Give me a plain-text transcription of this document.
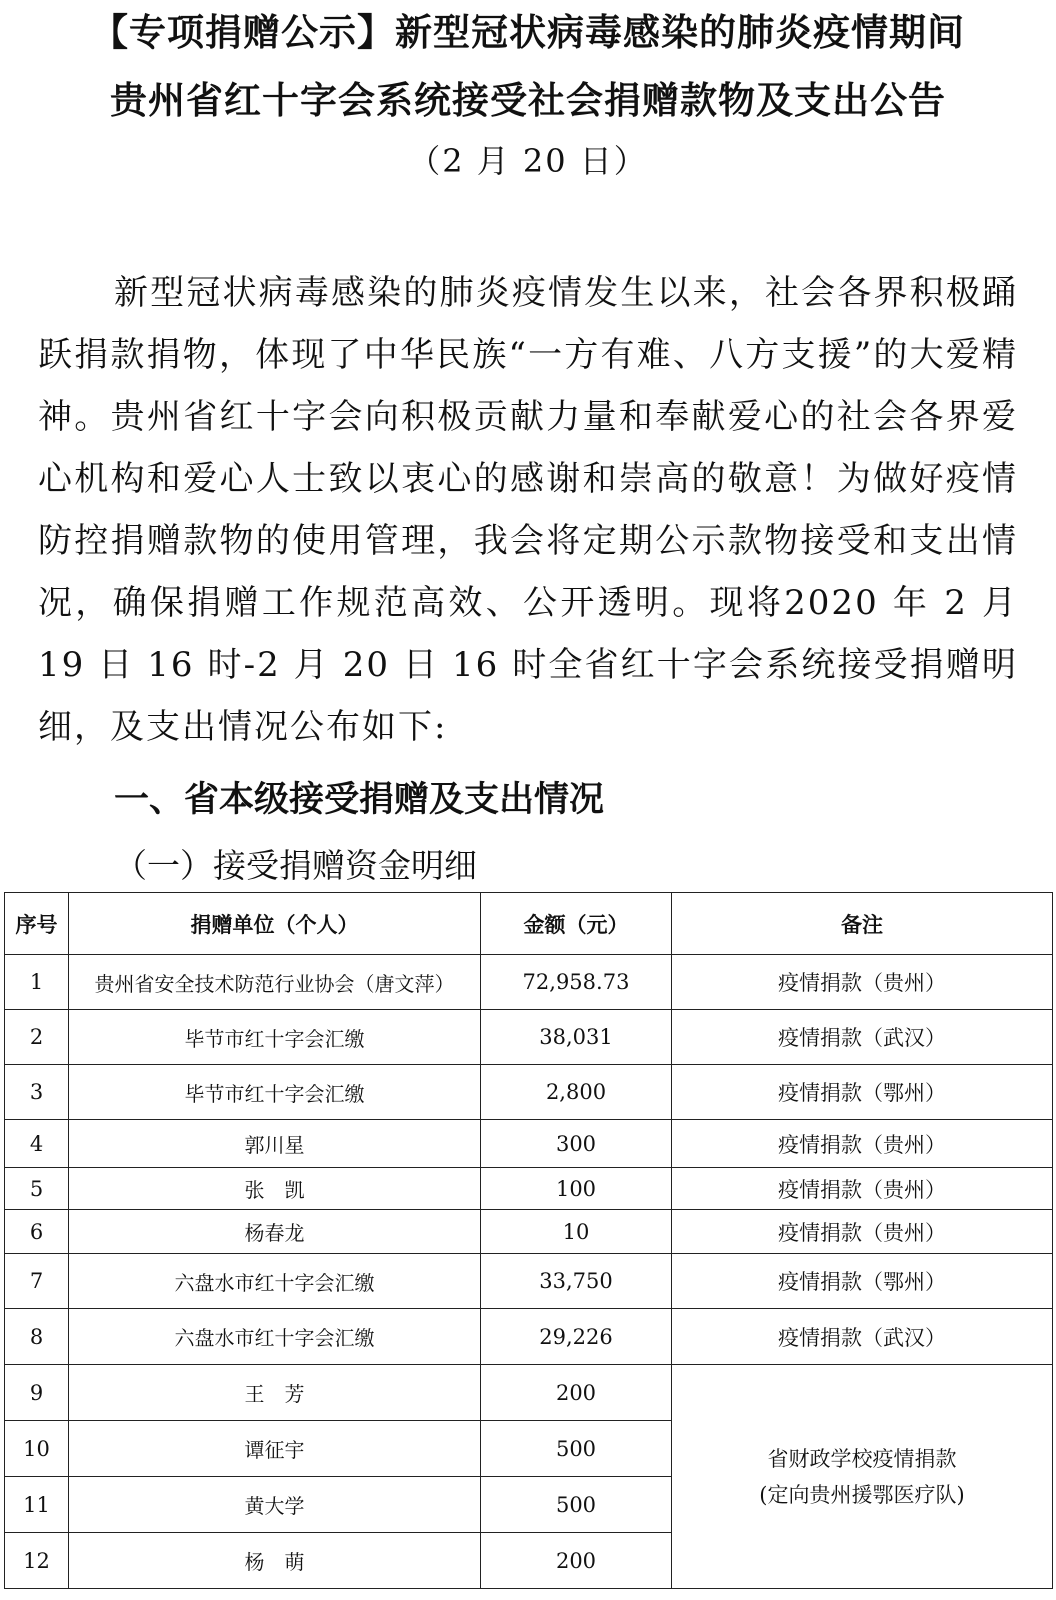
【专项捐赠公示】新型冠状病毒感染的肺炎疫情期间
贵州省红十字会系统接受社会捐赠款物及支出公告
（2 月 20 日）

新型冠状病毒感染的肺炎疫情发生以来，社会各界积极踊跃捐款捐物，体现了中华民族“一方有难、八方支援”的大爱精神。贵州省红十字会向积极贡献力量和奉献爱心的社会各界爱心机构和爱心人士致以衷心的感谢和崇高的敬意！为做好疫情防控捐赠款物的使用管理，我会将定期公示款物接受和支出情况，确保捐赠工作规范高效、公开透明。现将2020 年 2 月 19 日 16 时-2 月 20 日 16 时全省红十字会系统接受捐赠明细，及支出情况公布如下:

一、省本级接受捐赠及支出情况
（一）接受捐赠资金明细
序号	捐赠单位（个人）	金额（元）	备注
1	贵州省安全技术防范行业协会（唐文萍）	72,958.73	疫情捐款（贵州）
2	毕节市红十字会汇缴	38,031	疫情捐款（武汉）
3	毕节市红十字会汇缴	2,800	疫情捐款（鄂州）
4	郭川星	300	疫情捐款（贵州）
5	张　凯	100	疫情捐款（贵州）
6	杨春龙	10	疫情捐款（贵州）
7	六盘水市红十字会汇缴	33,750	疫情捐款（鄂州）
8	六盘水市红十字会汇缴	29,226	疫情捐款（武汉）
9	王　芳	200	省财政学校疫情捐款
(定向贵州援鄂医疗队)

10	谭征宇	500	
11	黄大学	500	
12	杨　萌	200	
